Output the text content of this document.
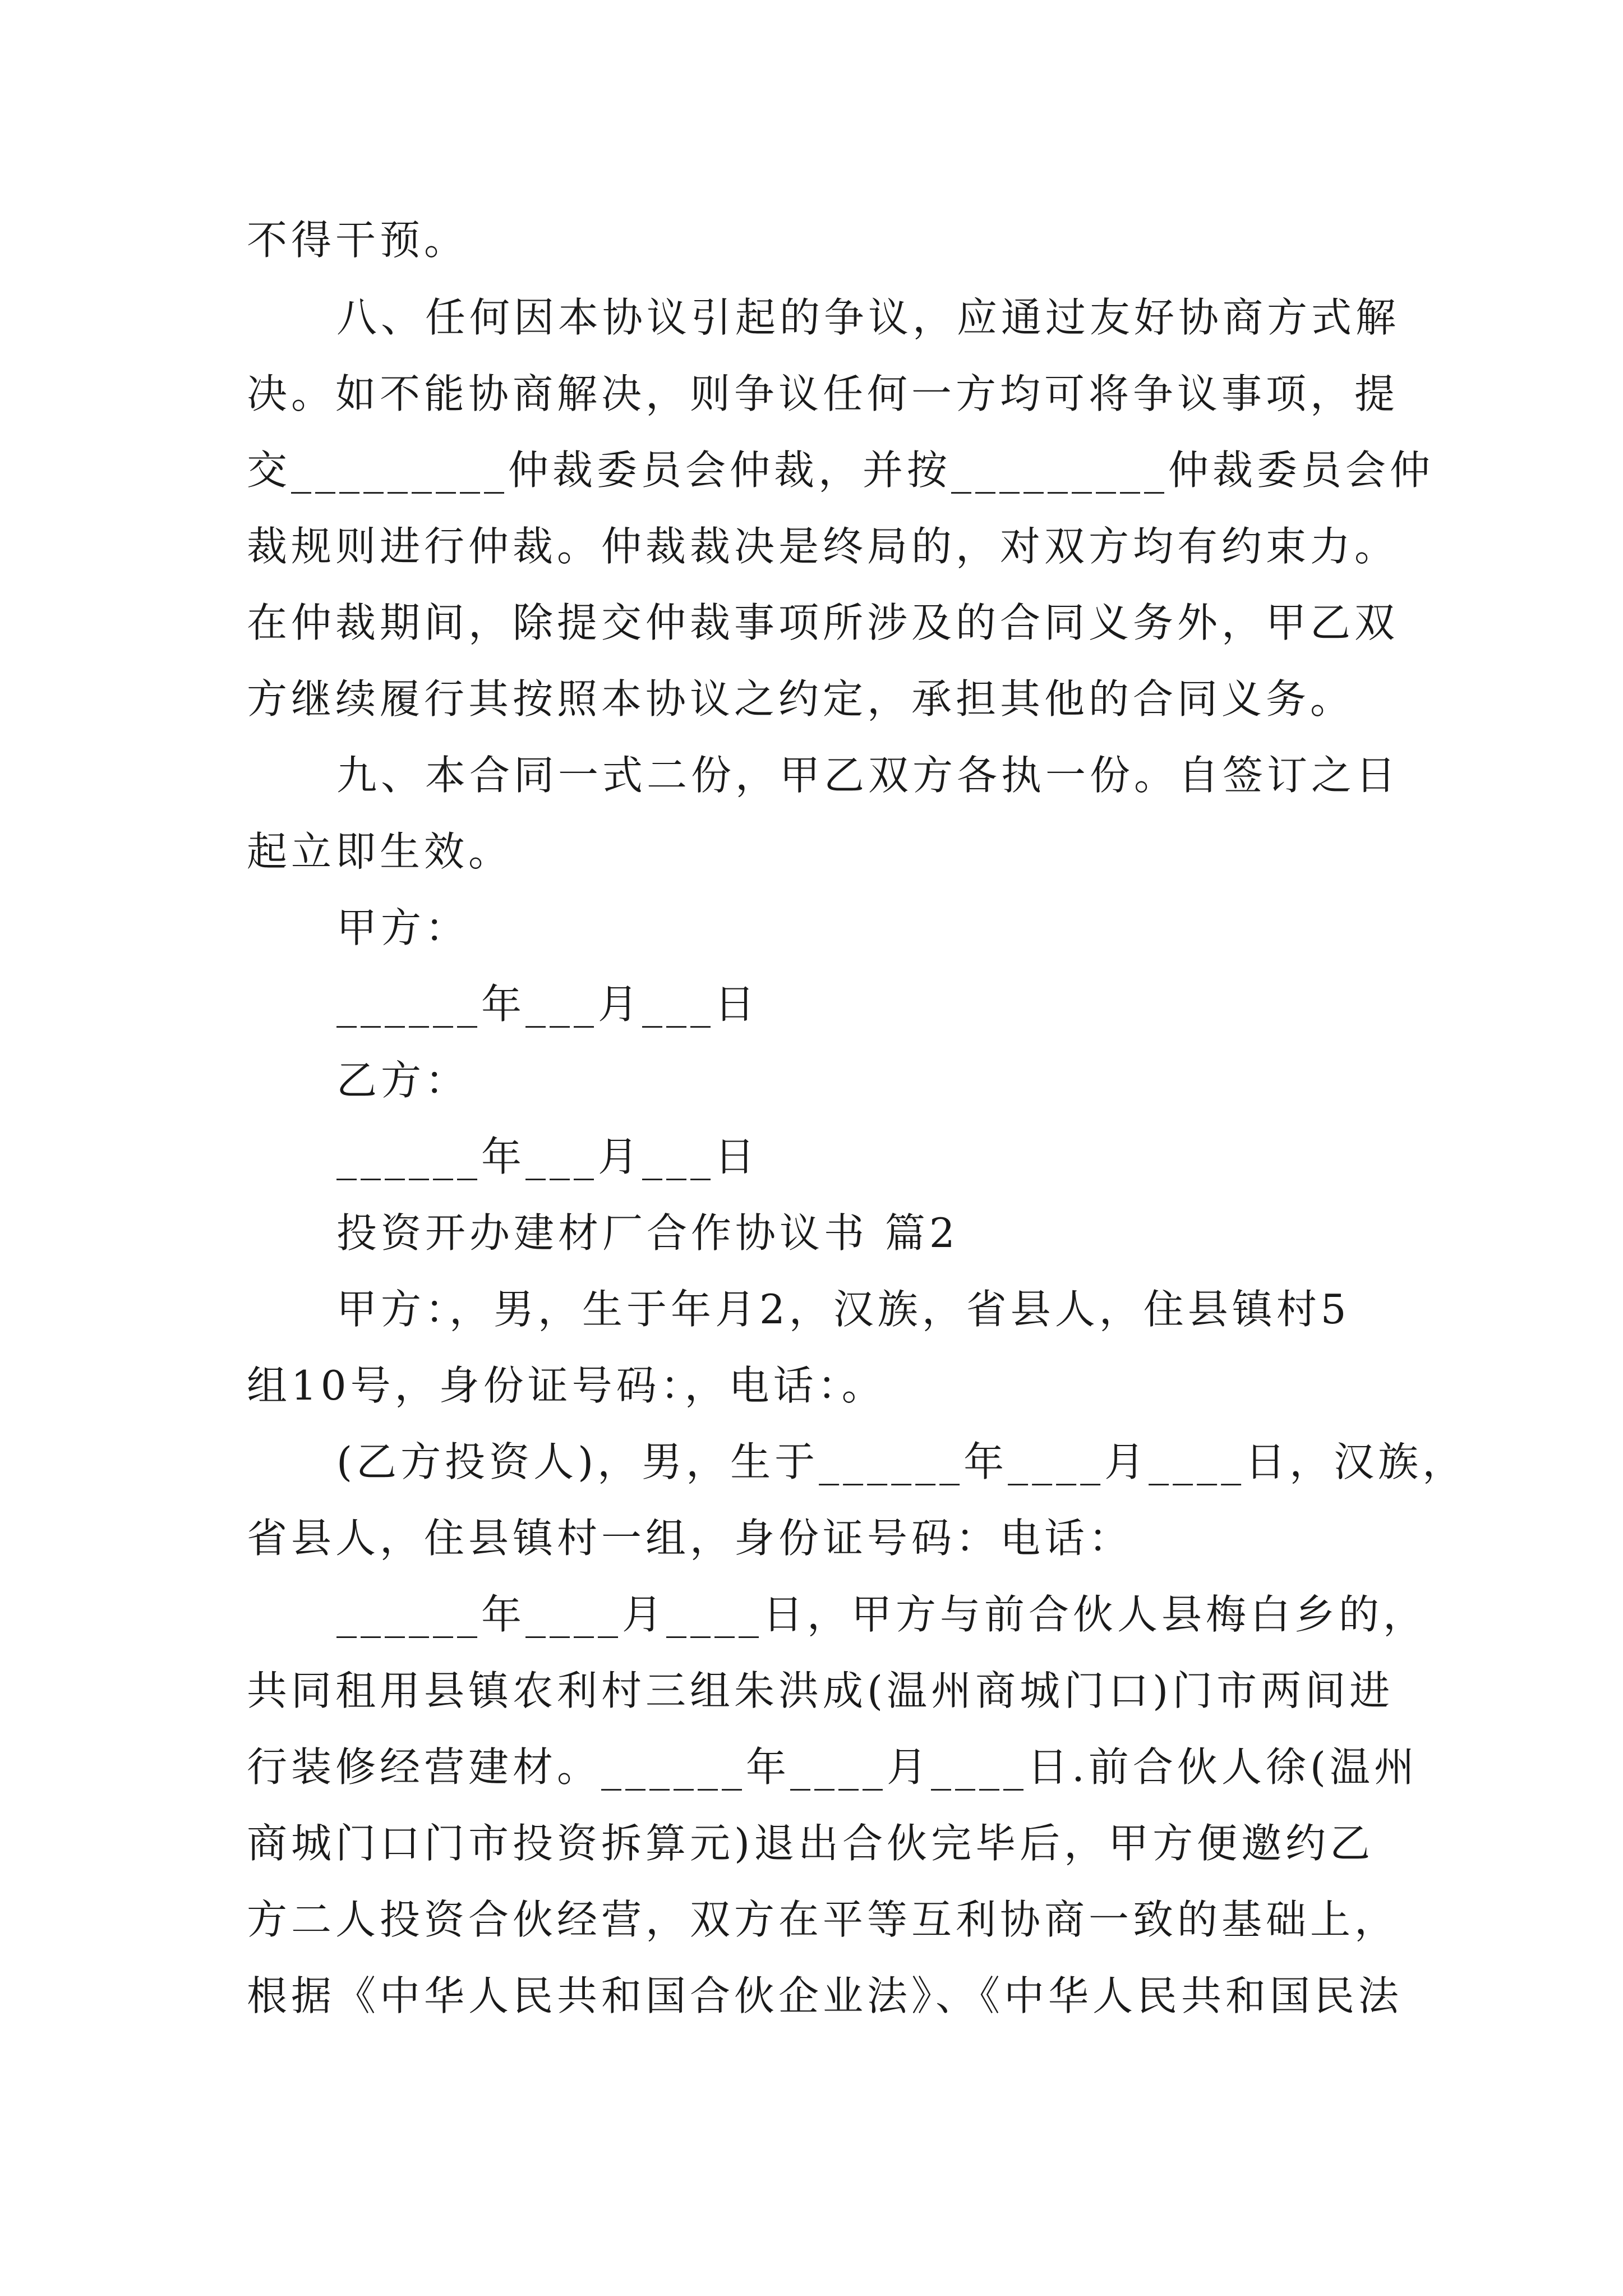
不得干预。
八、任何因本协议引起的争议，应通过友好协商方式解
决。如不能协商解决，则争议任何一方均可将争议事项，提
交_________仲裁委员会仲裁，并按_________仲裁委员会仲
裁规则进行仲裁。仲裁裁决是终局的，对双方均有约束力。
在仲裁期间，除提交仲裁事项所涉及的合同义务外，甲乙双
方继续履行其按照本协议之约定，承担其他的合同义务。
九、本合同一式二份，甲乙双方各执一份。自签订之日
起立即生效。
甲方：
______年___月___日
乙方：
______年___月___日
投资开办建材厂合作协议书 篇2
甲方：，男，生于年月2，汉族，省县人，住县镇村5
组10号，身份证号码：，电话：。
(乙方投资人)，男，生于______年____月____日，汉族，
省县人，住县镇村一组，身份证号码：电话：
______年____月____日，甲方与前合伙人县梅白乡的，
共同租用县镇农利村三组朱洪成(温州商城门口)门市两间进
行装修经营建材。______年____月____日.前合伙人徐(温州
商城门口门市投资拆算元)退出合伙完毕后，甲方便邀约乙
方二人投资合伙经营，双方在平等互利协商一致的基础上，
根据《中华人民共和国合伙企业法》、《中华人民共和国民法
